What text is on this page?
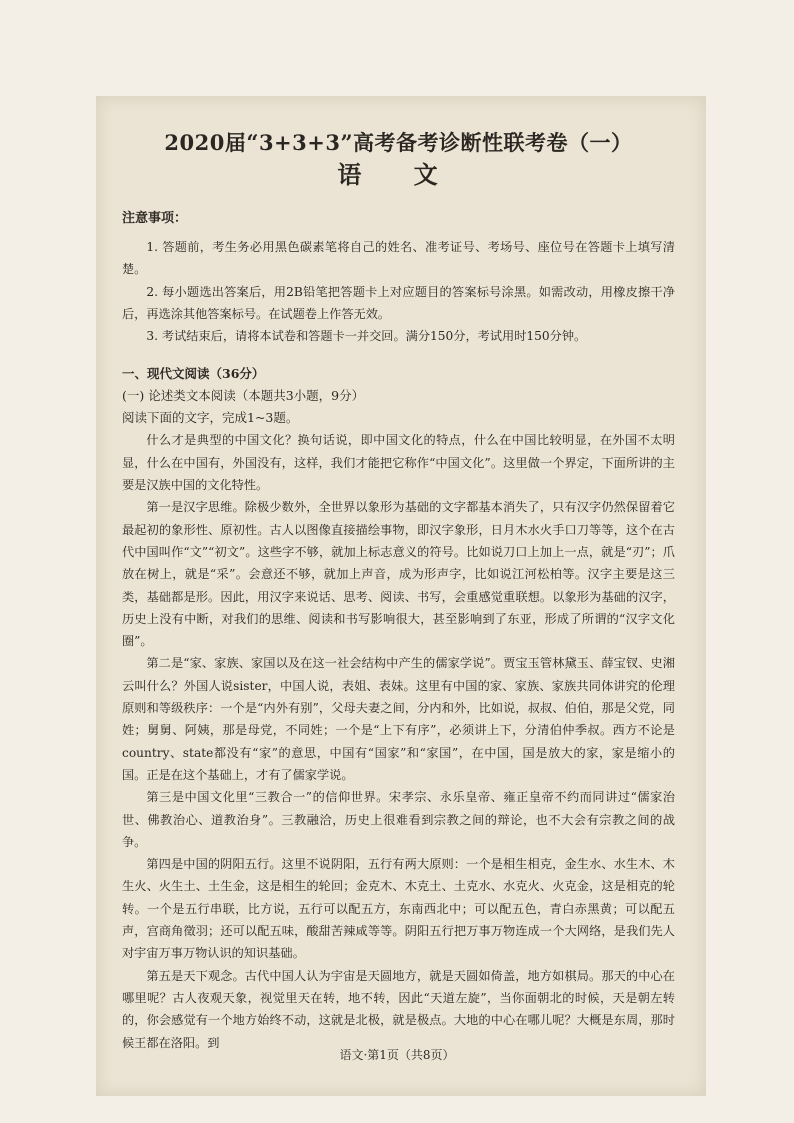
2020届“3+3+3”高考备考诊断性联考卷（一）
语 文

注意事项：

1. 答题前，考生务必用黑色碳素笔将自己的姓名、准考证号、考场号、座位号在答题卡上填写清楚。

2. 每小题选出答案后，用2B铅笔把答题卡上对应题目的答案标号涂黑。如需改动，用橡皮擦干净后，再选涂其他答案标号。在试题卷上作答无效。

3. 考试结束后，请将本试卷和答题卡一并交回。满分150分，考试用时150分钟。

一、现代文阅读（36分）

(一) 论述类文本阅读（本题共3小题，9分）

阅读下面的文字，完成1~3题。

什么才是典型的中国文化？换句话说，即中国文化的特点，什么在中国比较明显，在外国不太明显，什么在中国有，外国没有，这样，我们才能把它称作“中国文化”。这里做一个界定，下面所讲的主要是汉族中国的文化特性。

第一是汉字思维。除极少数外，全世界以象形为基础的文字都基本消失了，只有汉字仍然保留着它最起初的象形性、原初性。古人以图像直接描绘事物，即汉字象形，日月木水火手口刀等等，这个在古代中国叫作“文”“初文”。这些字不够，就加上标志意义的符号。比如说刀口上加上一点，就是“刃”；爪放在树上，就是“采”。会意还不够，就加上声音，成为形声字，比如说江河松柏等。汉字主要是这三类，基础都是形。因此，用汉字来说话、思考、阅读、书写，会重感觉重联想。以象形为基础的汉字，历史上没有中断，对我们的思维、阅读和书写影响很大，甚至影响到了东亚，形成了所谓的“汉字文化圈”。

第二是“家、家族、家国以及在这一社会结构中产生的儒家学说”。贾宝玉管林黛玉、薛宝钗、史湘云叫什么？外国人说sister，中国人说，表姐、表妹。这里有中国的家、家族、家族共同体讲究的伦理原则和等级秩序：一个是“内外有别”，父母夫妻之间，分内和外，比如说，叔叔、伯伯，那是父党，同姓；舅舅、阿姨，那是母党，不同姓；一个是“上下有序”，必须讲上下，分清伯仲季叔。西方不论是country、state都没有“家”的意思，中国有“国家”和“家国”，在中国，国是放大的家，家是缩小的国。正是在这个基础上，才有了儒家学说。

第三是中国文化里“三教合一”的信仰世界。宋孝宗、永乐皇帝、雍正皇帝不约而同讲过“儒家治世、佛教治心、道教治身”。三教融洽，历史上很难看到宗教之间的辩论，也不大会有宗教之间的战争。

第四是中国的阴阳五行。这里不说阴阳，五行有两大原则：一个是相生相克，金生水、水生木、木生火、火生土、土生金，这是相生的轮回；金克木、木克土、土克水、水克火、火克金，这是相克的轮转。一个是五行串联，比方说，五行可以配五方，东南西北中；可以配五色，青白赤黑黄；可以配五声，宫商角徵羽；还可以配五味，酸甜苦辣咸等等。阴阳五行把万事万物连成一个大网络，是我们先人对宇宙万事万物认识的知识基础。

第五是天下观念。古代中国人认为宇宙是天圆地方，就是天圆如倚盖，地方如棋局。那天的中心在哪里呢？古人夜观天象，视觉里天在转，地不转，因此“天道左旋”，当你面朝北的时候，天是朝左转的，你会感觉有一个地方始终不动，这就是北极，就是极点。大地的中心在哪儿呢？大概是东周，那时候王都在洛阳。到

语文·第1页（共8页）
